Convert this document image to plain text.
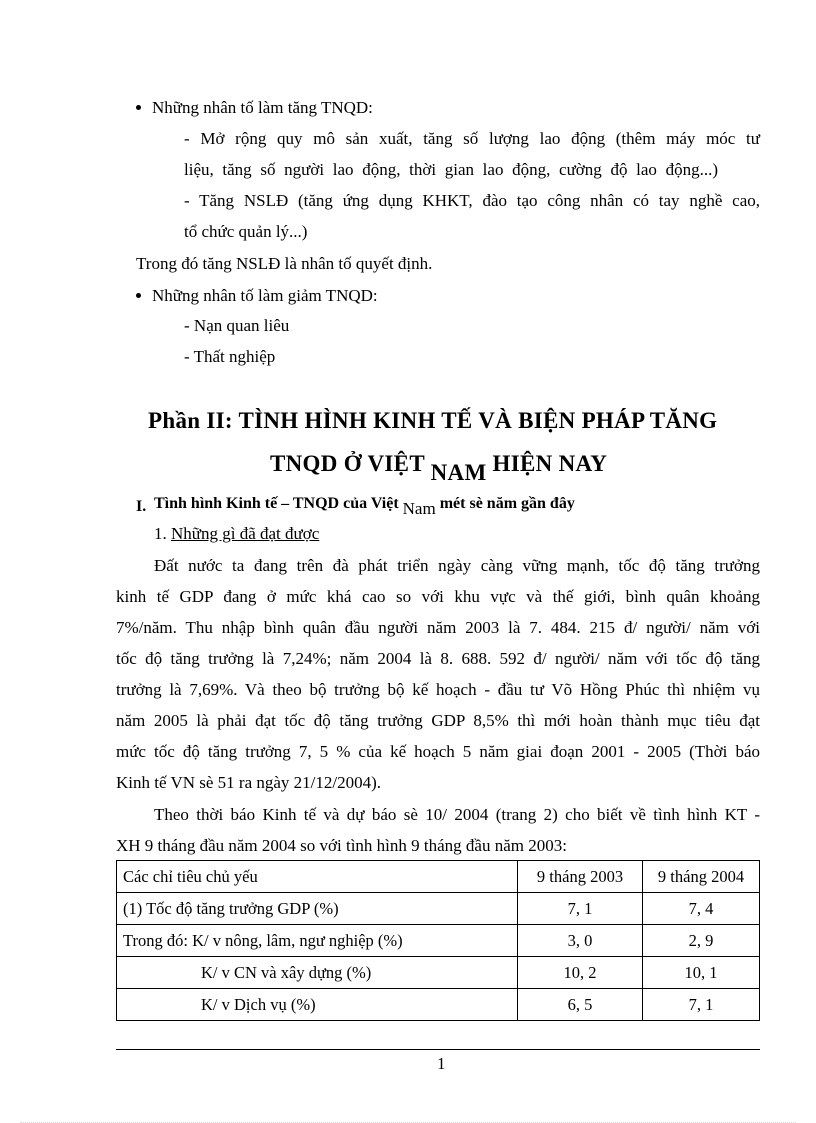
Những nhân tố làm tăng TNQD:
- Mở rộng quy mô sản xuất, tăng số lượng lao động (thêm máy móc tư
liệu, tăng số người lao động, thời gian lao động, cường độ lao động...)
- Tăng NSLĐ (tăng ứng dụng KHKT, đào tạo công nhân có tay nghề cao,
tổ chức quản lý...)
Trong đó tăng NSLĐ là nhân tố quyết định.
Những nhân tố làm giảm TNQD:
- Nạn quan liêu
- Thất nghiệp
Phần II: TÌNH HÌNH KINH TẾ VÀ BIỆN PHÁP TĂNG
TNQD Ở VIỆT NAM HIỆN NAY
I. Tình hình Kinh tế – TNQD của Việt Nam mét sè năm gần đây
1. Những gì đã đạt được
Đất nước ta đang trên đà phát triển ngày càng vững mạnh, tốc độ tăng trưởng
kinh tế GDP đang ở mức khá cao so với khu vực và thế giới, bình quân khoảng
7%/năm. Thu nhập bình quân đầu người năm 2003 là 7. 484. 215 đ/ người/ năm với
tốc độ tăng trưởng là 7,24%; năm 2004 là 8. 688. 592 đ/ người/ năm với tốc độ tăng
trưởng là 7,69%. Và theo bộ trưởng bộ kế hoạch - đầu tư Võ Hồng Phúc thì nhiệm vụ
năm 2005 là phải đạt tốc độ tăng trưởng GDP 8,5% thì mới hoàn thành mục tiêu đạt
mức tốc độ tăng trưởng 7, 5 % của kế hoạch 5 năm giai đoạn 2001 - 2005 (Thời báo
Kinh tế VN sè 51 ra ngày 21/12/2004).
Theo thời báo Kinh tế và dự báo sè 10/ 2004 (trang 2) cho biết về tình hình KT -
XH 9 tháng đầu năm 2004 so với tình hình 9 tháng đầu năm 2003:
Các chỉ tiêu chủ yếu	9 tháng 2003	9 tháng 2004
(1) Tốc độ tăng trưởng GDP (%)	7, 1	7, 4
Trong đó: K/ v nông, lâm, ngư nghiệp (%)	3, 0	2, 9
K/ v CN và xây dựng (%)	10, 2	10, 1
K/ v Dịch vụ (%)	6, 5	7, 1
1
